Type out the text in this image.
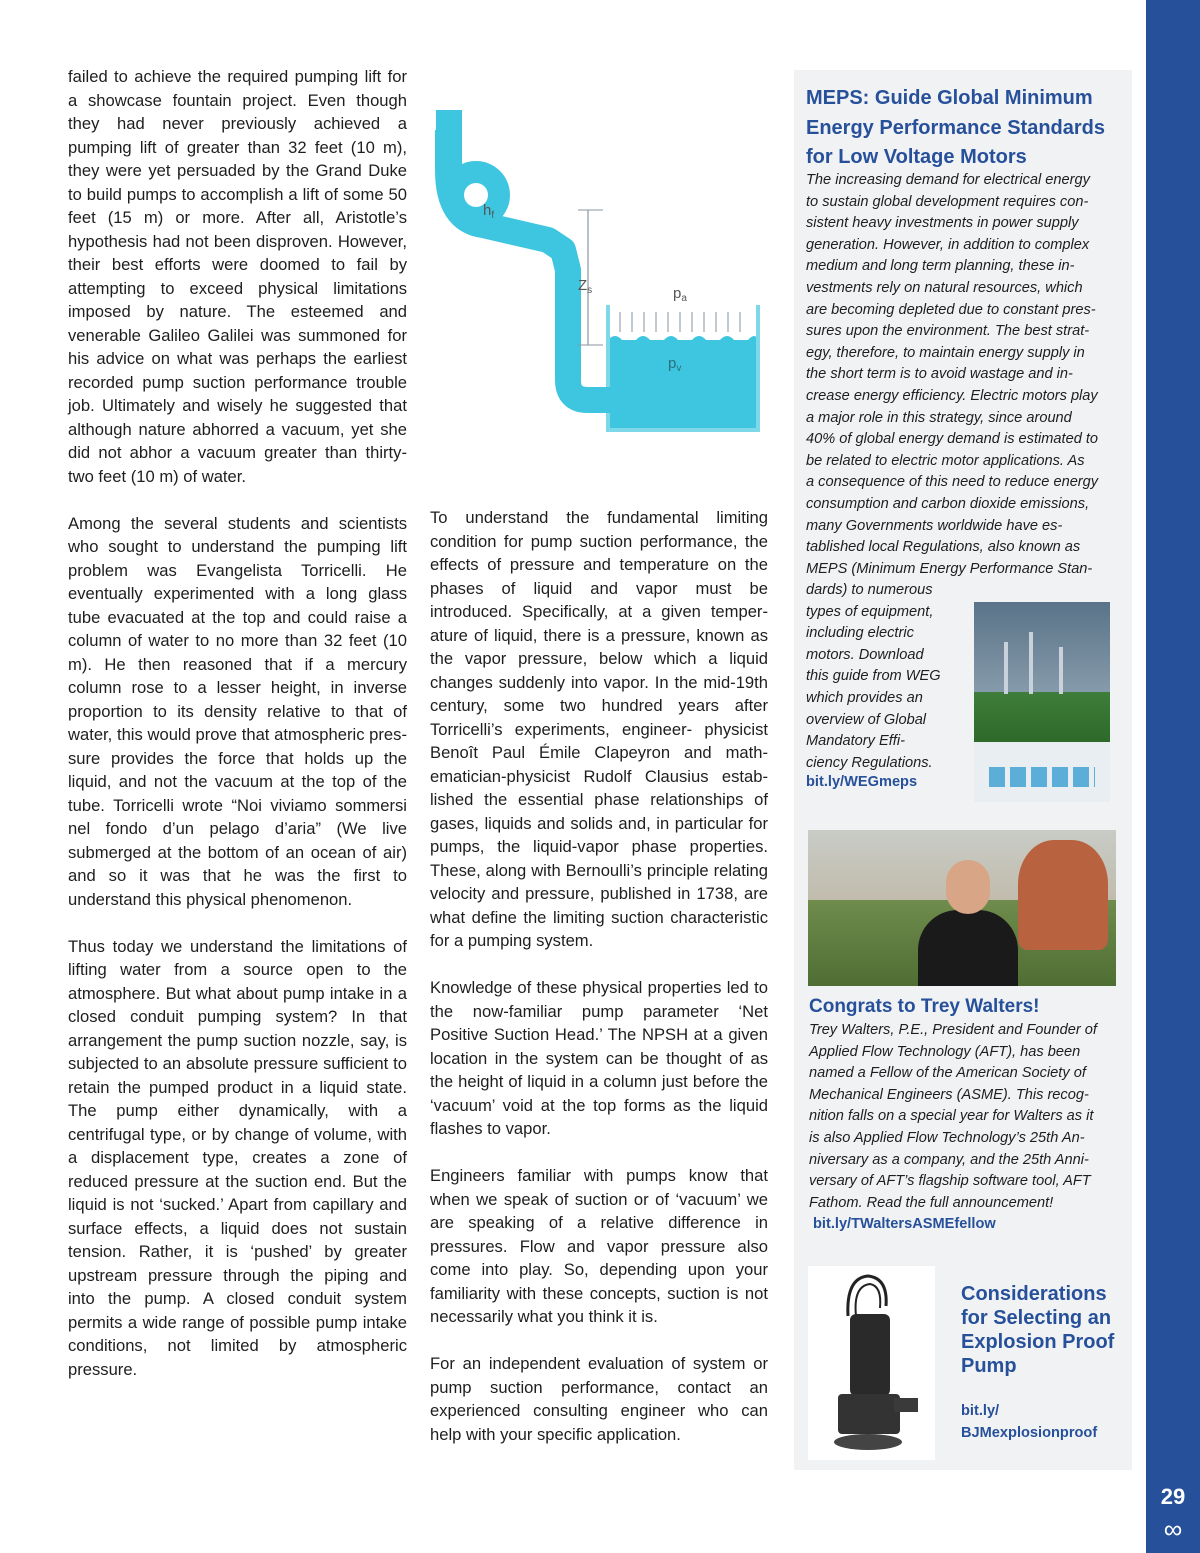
failed to achieve the required pumping lift for a showcase fountain project. Even though they had never previously achieved a pumping lift of greater than 32 feet (10 m), they were yet persuaded by the Grand Duke to build pumps to accomplish a lift of some 50 feet (15 m) or more. After all, Aristotle’s hypothesis had not been disproven. However, their best efforts were doomed to fail by attempting to exceed physical limitations imposed by nature. The esteemed and venerable Galileo Galilei was summoned for his advice on what was perhaps the earliest recorded pump suction performance trouble job. Ultimately and wisely he suggested that although nature abhorred a vacuum, yet she did not abhor a vacuum greater than thirty-two feet (10 m) of water.

Among the several students and scientists who sought to understand the pumping lift problem was Evangelista Torricelli. He eventually experimented with a long glass tube evacuated at the top and could raise a column of water to no more than 32 feet (10 m). He then reasoned that if a mercury column rose to a lesser height, in inverse proportion to its density relative to that of water, this would prove that atmospheric pressure provides the force that holds up the liquid, and not the vacuum at the top of the tube. Torricelli wrote “Noi viviamo sommersi nel fondo d’un pelago d’aria” (We live submerged at the bottom of an ocean of air) and so it was that he was the first to understand this physical phenomenon.

Thus today we understand the limitations of lifting water from a source open to the atmosphere. But what about pump intake in a closed conduit pumping system? In that arrangement the pump suction nozzle, say, is subjected to an absolute pressure sufficient to retain the pumped product in a liquid state. The pump either dynamically, with a centrifugal type, or by change of volume, with a displacement type, creates a zone of reduced pressure at the suction end. But the liquid is not ‘sucked.’ Apart from capillary and surface effects, a liquid does not sustain tension. Rather, it is ‘pushed’ by greater upstream pressure through the piping and into the pump. A closed conduit system permits a wide range of possible pump intake conditions, not limited by atmospheric pressure.

$h_f$
$Z_s$	$p_a$
$p_v$

To understand the fundamental limiting condition for pump suction performance, the effects of pressure and temperature on the phases of liquid and vapor must be introduced. Specifically, at a given temperature of liquid, there is a pressure, known as the vapor pressure, below which a liquid changes suddenly into vapor. In the mid-19th century, some two hundred years after Torricelli’s experiments, engineer- physicist Benoît Paul Émile Clapeyron and mathematician-physicist Rudolf Clausius established the essential phase relationships of gases, liquids and solids and, in particular for pumps, the liquid-vapor phase properties. These, along with Bernoulli’s principle relating velocity and pressure, published in 1738, are what define the limiting suction characteristic for a pumping system.

Knowledge of these physical properties led to the now-familiar pump parameter ‘Net Positive Suction Head.’ The NPSH at a given location in the system can be thought of as the height of liquid in a column just before the ‘vacuum’ void at the top forms as the liquid flashes to vapor.

Engineers familiar with pumps know that when we speak of suction or of ‘vacuum’ we are speaking of a relative difference in pressures. Flow and vapor pressure also come into play. So, depending upon your familiarity with these concepts, suction is not necessarily what you think it is.

For an independent evaluation of system or pump suction performance, contact an experienced consulting engineer who can help with your specific application.

MEPS: Guide Global Minimum
Energy Performance Standards
for Low Voltage Motors
The increasing demand for electrical energy
to sustain global development requires con-
sistent heavy investments in power supply
generation. However, in addition to complex
medium and long term planning, these in-
vestments rely on natural resources, which
are becoming depleted due to constant pres-
sures upon the environment. The best strat-
egy, therefore, to maintain energy supply in
the short term is to avoid wastage and in-
crease energy efficiency. Electric motors play
a major role in this strategy, since around
40% of global energy demand is estimated to
be related to electric motor applications. As
a consequence of this need to reduce energy
consumption and carbon dioxide emissions,
many Governments worldwide have es-
tablished local Regulations, also known as
MEPS (Minimum Energy Performance Stan-
dards) to numerous
types of equipment,
including electric
motors. Download
this guide from WEG
which provides an
overview of Global
Mandatory Effi-
ciency Regulations.
bit.ly/WEGmeps
Congrats to Trey Walters!
Trey Walters, P.E., President and Founder of
Applied Flow Technology (AFT), has been
named a Fellow of the American Society of
Mechanical Engineers (ASME). This recog-
nition falls on a special year for Walters as it
is also Applied Flow Technology’s 25th An-
niversary as a company, and the 25th Anni-
versary of AFT’s flagship software tool, AFT
Fathom. Read the full announcement!
bit.ly/TWaltersASMEfellow
Considerations
for Selecting an
Explosion Proof
Pump
bit.ly/
BJMexplosionproof
29
∞
